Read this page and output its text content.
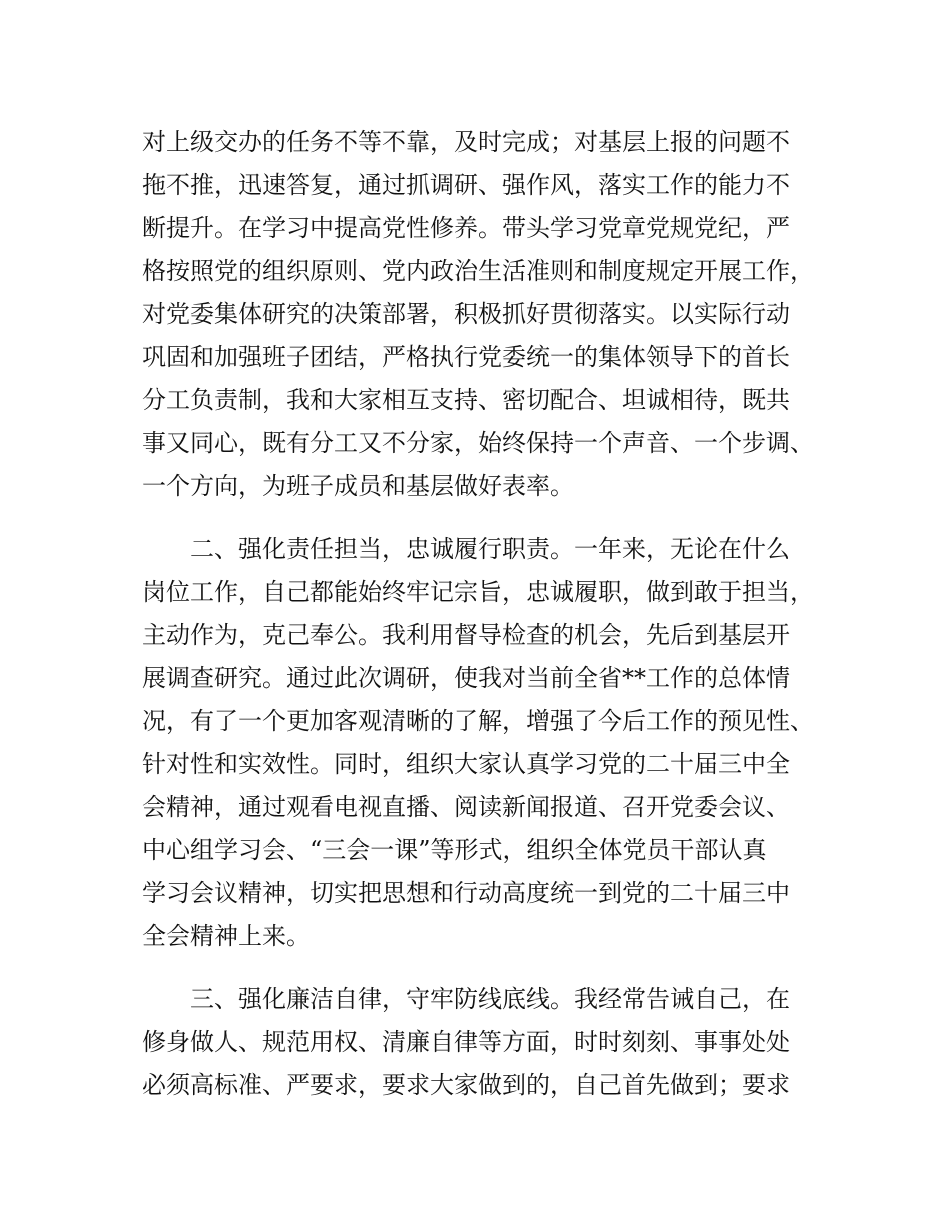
对上级交办的任务不等不靠，及时完成；对基层上报的问题不
拖不推，迅速答复，通过抓调研、强作风，落实工作的能力不
断提升。在学习中提高党性修养。带头学习党章党规党纪，严
格按照党的组织原则、党内政治生活准则和制度规定开展工作，
对党委集体研究的决策部署，积极抓好贯彻落实。以实际行动
巩固和加强班子团结，严格执行党委统一的集体领导下的首长
分工负责制，我和大家相互支持、密切配合、坦诚相待，既共
事又同心，既有分工又不分家，始终保持一个声音、一个步调、
一个方向，为班子成员和基层做好表率。
二、强化责任担当，忠诚履行职责。一年来，无论在什么
岗位工作，自己都能始终牢记宗旨，忠诚履职，做到敢于担当，
主动作为，克己奉公。我利用督导检查的机会，先后到基层开
展调查研究。通过此次调研，使我对当前全省**工作的总体情
况，有了一个更加客观清晰的了解，增强了今后工作的预见性、
针对性和实效性。同时，组织大家认真学习党的二十届三中全
会精神，通过观看电视直播、阅读新闻报道、召开党委会议、
中心组学习会、“三会一课”等形式，组织全体党员干部认真
学习会议精神，切实把思想和行动高度统一到党的二十届三中
全会精神上来。
三、强化廉洁自律，守牢防线底线。我经常告诫自己，在
修身做人、规范用权、清廉自律等方面，时时刻刻、事事处处
必须高标准、严要求，要求大家做到的，自己首先做到；要求
